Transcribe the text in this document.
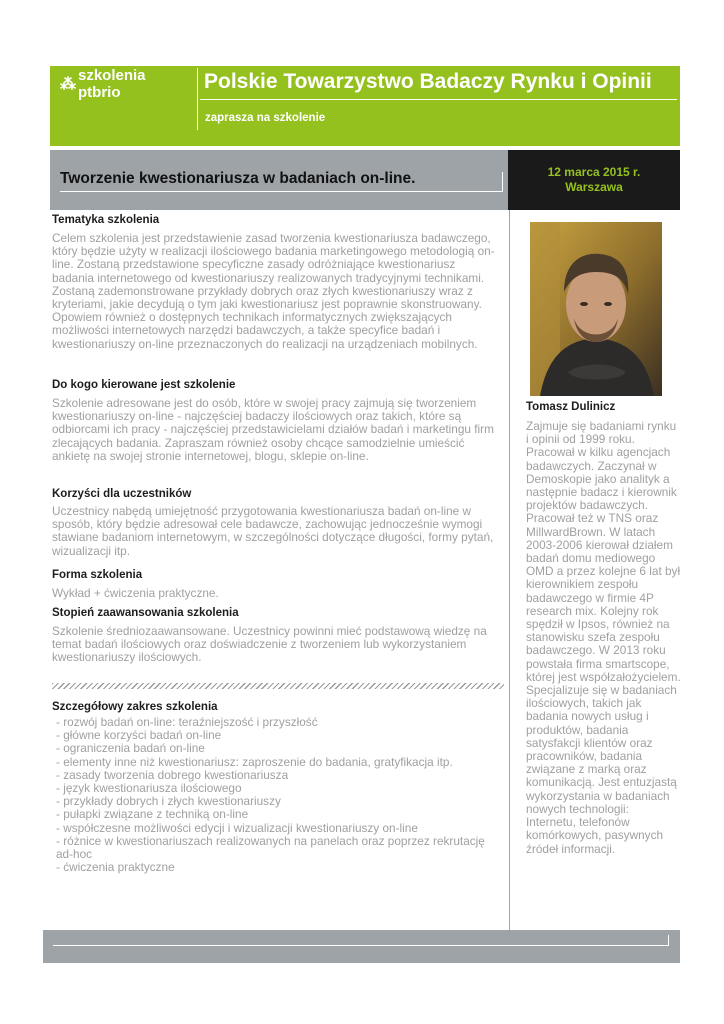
⁂
szkolenia ptbrio	Polskie Towarzystwo Badaczy Rynku i Opinii
zaprasza na szkolenie
Tworzenie kwestionariusza w badaniach on-line.	12 marca 2015 r.
Warszawa
Tematyka szkolenia

Celem szkolenia jest przedstawienie zasad tworzenia kwestionariusza badawczego, który będzie użyty w realizacji ilościowego badania marketingowego metodologią on-line. Zostaną przedstawione specyficzne zasady odróżniające kwestionariusz badania internetowego od kwestionariuszy realizowanych tradycyjnymi technikami. Zostaną zademonstrowane przykłady dobrych oraz złych kwestionariuszy wraz z kryteriami, jakie decydują o tym jaki kwestionariusz jest poprawnie skonstruowany. Opowiem również o dostępnych technikach informatycznych zwiększających możliwości internetowych narzędzi badawczych, a także specyfice badań i kwestionariuszy on-line przeznaczonych do realizacji na urządzeniach mobilnych.

Do kogo kierowane jest szkolenie

Szkolenie adresowane jest do osób, które w swojej pracy zajmują się tworzeniem kwestionariuszy on-line - najczęściej badaczy ilościowych oraz takich, które są odbiorcami ich pracy - najczęściej przedstawicielami działów badań i marketingu firm zlecających badania. Zapraszam również osoby chcące samodzielnie umieścić ankietę na swojej stronie internetowej, blogu, sklepie on-line.

Korzyści dla uczestników

Uczestnicy nabędą umiejętność przygotowania kwestionariusza badań on-line w sposób, który będzie adresował cele badawcze, zachowując jednocześnie wymogi stawiane badaniom internetowym, w szczególności dotyczące długości, formy pytań, wizualizacji itp.

Forma szkolenia

Wykład + ćwiczenia praktyczne.

Stopień zaawansowania szkolenia

Szkolenie średniozaawansowane. Uczestnicy powinni mieć podstawową wiedzę na temat badań ilościowych oraz doświadczenie z tworzeniem lub wykorzystaniem kwestionariuszy ilościowych.

Szczegółowy zakres szkolenia
- rozwój badań on-line: teraźniejszość i przyszłość
- główne korzyści badań on-line
- ograniczenia badań on-line
- elementy inne niż kwestionariusz: zaproszenie do badania, gratyfikacja itp.
- zasady tworzenia dobrego kwestionariusza
- język kwestionariusza ilościowego
- przykłady dobrych i złych kwestionariuszy
- pułapki związane z techniką on-line
- współczesne możliwości edycji i wizualizacji kwestionariuszy on-line
- różnice w kwestionariuszach realizowanych na panelach oraz poprzez rekrutację ad-hoc
- ćwiczenia praktyczne
Tomasz Dulinicz

Zajmuje się badaniami rynku i opinii od 1999 roku. Pracował w kilku agencjach badawczych. Zaczynał w Demoskopie jako analityk a następnie badacz i kierownik projektów badawczych. Pracował też w TNS oraz MillwardBrown. W latach 2003-2006 kierował działem badań domu mediowego OMD a przez kolejne 6 lat był kierownikiem zespołu badawczego w firmie 4P research mix. Kolejny rok spędził w Ipsos, również na stanowisku szefa zespołu badawczego. W 2013 roku powstała firma smartscope, której jest współzałożycielem. Specjalizuje się w badaniach ilościowych, takich jak badania nowych usług i produktów, badania satysfakcji klientów oraz pracowników, badania związane z marką oraz komunikacją. Jest entuzjastą wykorzystania w badaniach nowych technologii: Internetu, telefonów komórkowych, pasywnych źródeł informacji.
